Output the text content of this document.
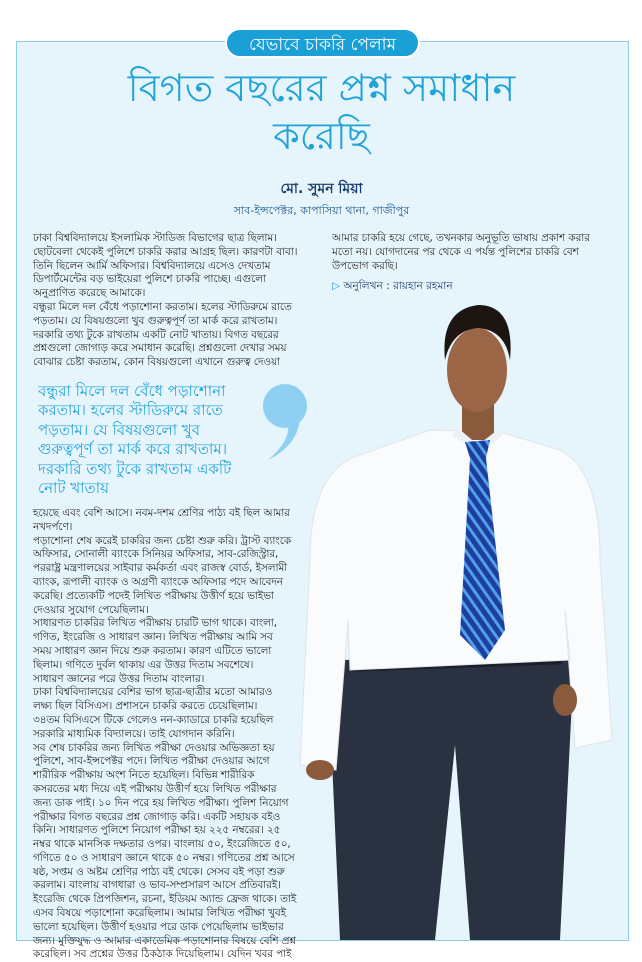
যেভাবে চাকরি পেলাম
বিগত বছরের প্রশ্ন সমাধান
করেছি
মো. সুমন মিয়া
সাব-ইন্সপেক্টর, কাপাসিয়া থানা, গাজীপুর
ঢাকা বিশ্ববিদ্যালয়ে ইসলামিক স্টাডিজ বিভাগের ছাত্র ছিলাম।
ছোটবেলা থেকেই পুলিশে চাকরি করার আগ্রহ ছিল। কারণটা বাবা।
তিনি ছিলেন আর্মি অফিসার। বিশ্ববিদ্যালয়ে এসেও দেখতাম
ডিপার্টমেন্টের বড় ভাইয়েরা পুলিশে চাকরি পাচ্ছে। এগুলো
অনুপ্রাণিত করেছে আমাকে।
বন্ধুরা মিলে দল বেঁধে পড়াশোনা করতাম। হলের স্টাডিরুমে রাতে
পড়তাম। যে বিষয়গুলো খুব গুরুত্বপূর্ণ তা মার্ক করে রাখতাম।
দরকারি তথ্য টুকে রাখতাম একটি নোট খাতায়। বিগত বছরের
প্রশ্নগুলো জোগাড় করে সমাধান করেছি। প্রশ্নগুলো দেখার সময়
বোঝার চেষ্টা করতাম, কোন বিষয়গুলো এখানে গুরুত্ব দেওয়া
বন্ধুরা মিলে দল বেঁধে পড়াশোনা
করতাম। হলের স্টাডিরুমে রাতে
পড়তাম। যে বিষয়গুলো খুব
গুরুত্বপূর্ণ তা মার্ক করে রাখতাম।
দরকারি তথ্য টুকে রাখতাম একটি
নোট খাতায়
হয়েছে এবং বেশি আসে। নবম-দশম শ্রেণির পাঠ্য বই ছিল আমার
নখদর্পণে।
পড়াশোনা শেষ করেই চাকরির জন্য চেষ্টা শুরু করি। ট্রাস্ট ব্যাংকে
অফিসার, সোনালী ব্যাংকে সিনিয়র অফিসার, সাব-রেজিস্ট্রার,
পররাষ্ট্র মন্ত্রণালয়ের সাইবার কর্মকর্তা এবং রাজস্ব বোর্ড, ইসলামী
ব্যাংক, রূপালী ব্যাংক ও অগ্রণী ব্যাংকে অফিসার পদে আবেদন
করেছি। প্রত্যেকটি পদেই লিখিত পরীক্ষায় উত্তীর্ণ হয়ে ভাইভা
দেওয়ার সুযোগ পেয়েছিলাম।
সাধারণত চাকরির লিখিত পরীক্ষায় চারটি ভাগ থাকে। বাংলা,
গণিত, ইংরেজি ও সাধারণ জ্ঞান। লিখিত পরীক্ষায় আমি সব
সময় সাধারণ জ্ঞান দিয়ে শুরু করতাম। কারণ এটিতে ভালো
ছিলাম। গণিতে দুর্বল থাকায় এর উত্তর দিতাম সবশেষে।
সাধারণ জ্ঞানের পরে উত্তর দিতাম বাংলার।
ঢাকা বিশ্ববিদ্যালয়ের বেশির ভাগ ছাত্র-ছাত্রীর মতো আমারও
লক্ষ্য ছিল বিসিএস। প্রশাসনে চাকরি করতে চেয়েছিলাম।
৩৪তম বিসিএসে টিকে গেলেও নন-ক্যাডারে চাকরি হয়েছিল
সরকারি মাধ্যমিক বিদ্যালয়ে। তাই যোগদান করিনি।
সব শেষ চাকরির জন্য লিখিত পরীক্ষা দেওয়ার অভিজ্ঞতা হয়
পুলিশে, সাব-ইন্সপেক্টর পদে। লিখিত পরীক্ষা দেওয়ার আগে
শারীরিক পরীক্ষায় অংশ নিতে হয়েছিল। বিভিন্ন শারীরিক
কসরতের মধ্য দিয়ে এই পরীক্ষায় উত্তীর্ণ হয়ে লিখিত পরীক্ষার
জন্য ডাক পাই। ১০ দিন পরে হয় লিখিত পরীক্ষা। পুলিশ নিয়োগ
পরীক্ষার বিগত বছরের প্রশ্ন জোগাড় করি। একটি সহায়ক বইও
কিনি। সাধারণত পুলিশে নিয়োগ পরীক্ষা হয় ২২৫ নম্বরের। ২৫
নম্বর থাকে মানসিক দক্ষতার ওপর। বাংলায় ৫০, ইংরেজিতে ৫০,
গণিতে ৫০ ও সাধারণ জ্ঞানে থাকে ৫০ নম্বর। গণিতের প্রশ্ন আসে
ষষ্ঠ, সপ্তম ও অষ্টম শ্রেণির পাঠ্য বই থেকে। সেসব বই পড়া শুরু
করলাম। বাংলায় বাগধারা ও ভাব-সম্প্রসারণ আসে প্রতিবারই।
ইংরেজি থেকে প্রিপজিশন, রচনা, ইডিয়ম অ্যান্ড ফ্রেজ থাকে। তাই
এসব বিষয়ে পড়াশোনা করেছিলাম। আমার লিখিত পরীক্ষা খুবই
ভালো হয়েছিল। উত্তীর্ণ হওয়ার পরে ডাক পেয়েছিলাম ভাইভার
জন্য। মুক্তিযুদ্ধ ও আমার একাডেমিক পড়াশোনার বিষয়ে বেশি প্রশ্ন
করেছিল। সব প্রশ্নের উত্তর ঠিকঠাক দিয়েছিলাম। যেদিন খবর পাই
আমার চাকরি হয়ে গেছে, তখনকার অনুভূতি ভাষায় প্রকাশ করার
মতো নয়। যোগদানের পর থেকে এ পর্যন্ত পুলিশের চাকরি বেশ
উপভোগ করছি।
▷ অনুলিখন : রায়হান রহমান
